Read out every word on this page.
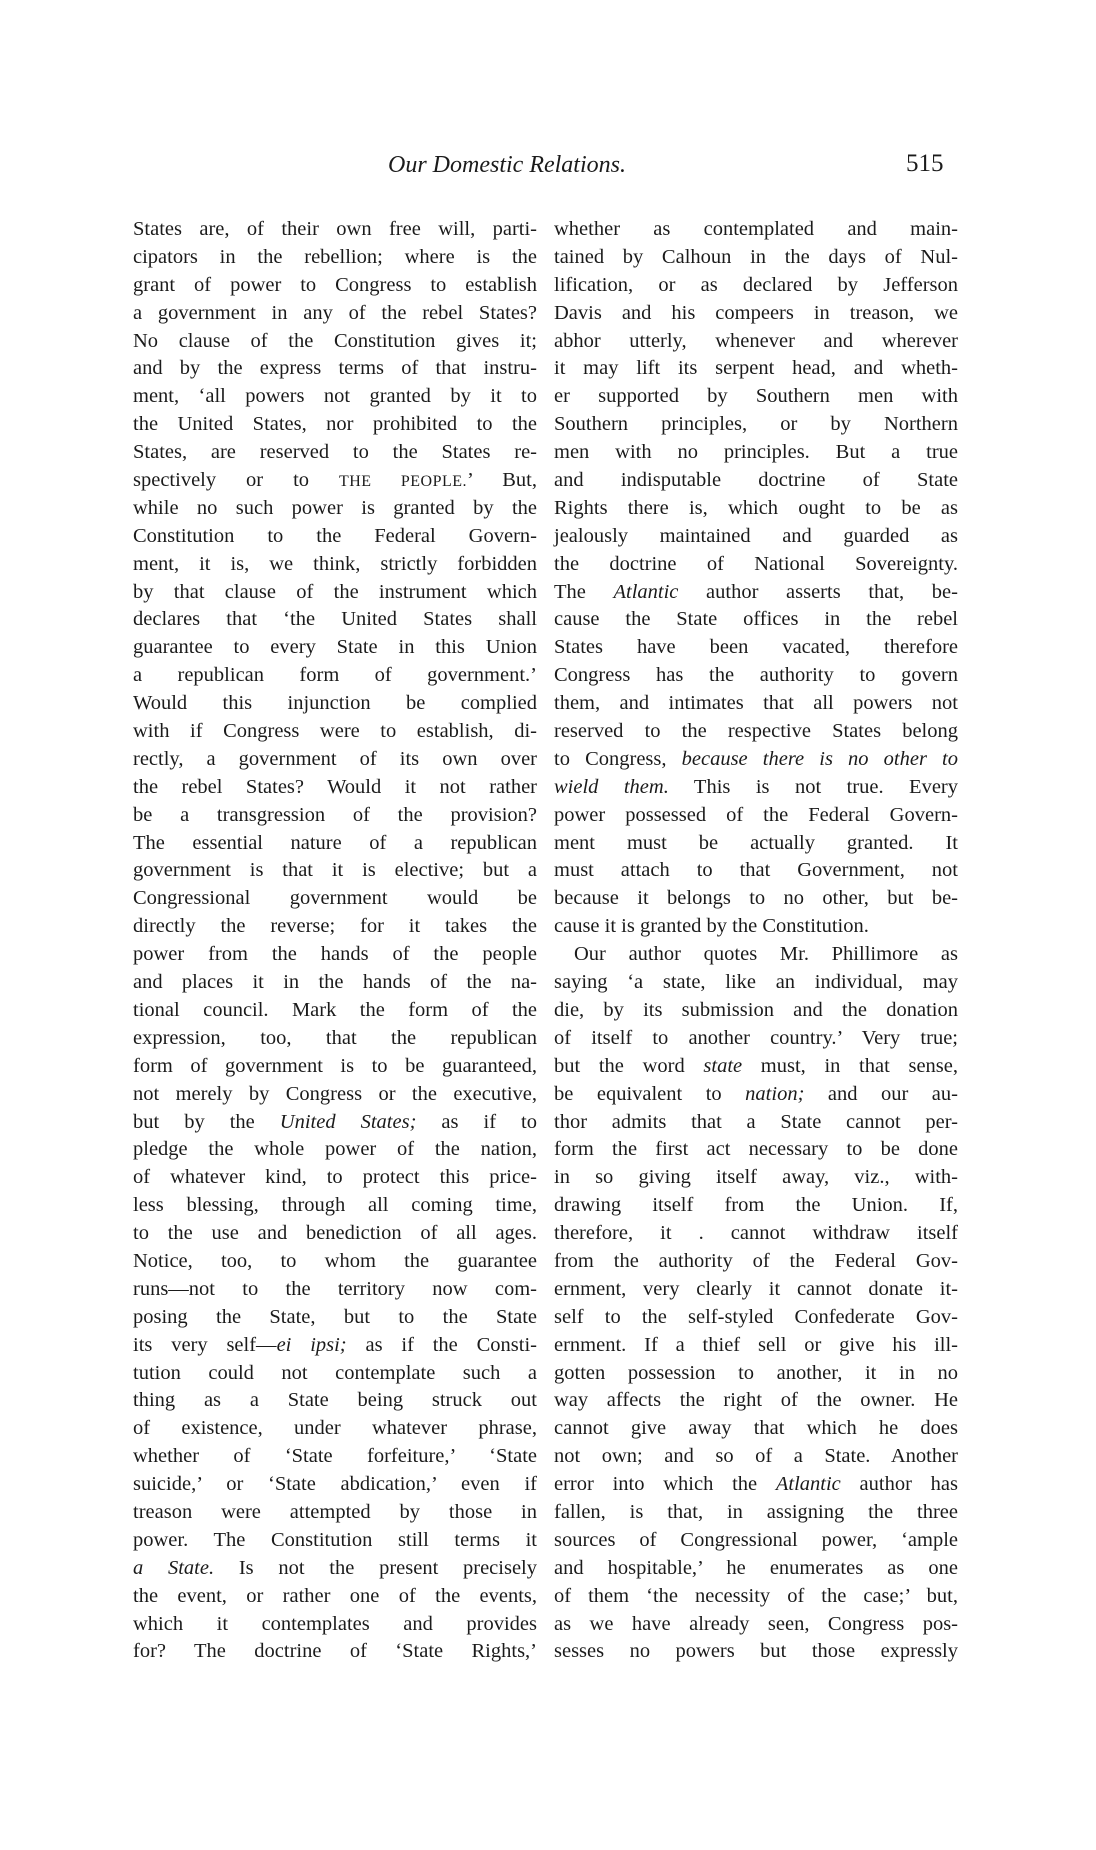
Our Domestic Relations.	515
States are, of their own free will, parti-
cipators in the rebellion; where is the
grant of power to Congress to establish
a government in any of the rebel States?
No clause of the Constitution gives it;
and by the express terms of that instru-
ment, ‘all powers not granted by it to
the United States, nor prohibited to the
States, are reserved to the States re-
spectively or to THE PEOPLE.’ But,
while no such power is granted by the
Constitution to the Federal Govern-
ment, it is, we think, strictly forbidden
by that clause of the instrument which
declares that ‘the United States shall
guarantee to every State in this Union
a republican form of government.’
Would this injunction be complied
with if Congress were to establish, di-
rectly, a government of its own over
the rebel States? Would it not rather
be a transgression of the provision?
The essential nature of a republican
government is that it is elective; but a
Congressional government would be
directly the reverse; for it takes the
power from the hands of the people
and places it in the hands of the na-
tional council. Mark the form of the
expression, too, that the republican
form of government is to be guaranteed,
not merely by Congress or the executive,
but by the United States; as if to
pledge the whole power of the nation,
of whatever kind, to protect this price-
less blessing, through all coming time,
to the use and benediction of all ages.
Notice, too, to whom the guarantee
runs—not to the territory now com-
posing the State, but to the State
its very self—ei ipsi; as if the Consti-
tution could not contemplate such a
thing as a State being struck out
of existence, under whatever phrase,
whether of ‘State forfeiture,’ ‘State
suicide,’ or ‘State abdication,’ even if
treason were attempted by those in
power. The Constitution still terms it
a State. Is not the present precisely
the event, or rather one of the events,
which it contemplates and provides
for? The doctrine of ‘State Rights,’
whether as contemplated and main-
tained by Calhoun in the days of Nul-
lification, or as declared by Jefferson
Davis and his compeers in treason, we
abhor utterly, whenever and wherever
it may lift its serpent head, and wheth-
er supported by Southern men with
Southern principles, or by Northern
men with no principles. But a true
and indisputable doctrine of State
Rights there is, which ought to be as
jealously maintained and guarded as
the doctrine of National Sovereignty.
The Atlantic author asserts that, be-
cause the State offices in the rebel
States have been vacated, therefore
Congress has the authority to govern
them, and intimates that all powers not
reserved to the respective States belong
to Congress, because there is no other to
wield them. This is not true. Every
power possessed of the Federal Govern-
ment must be actually granted. It
must attach to that Government, not
because it belongs to no other, but be-
cause it is granted by the Constitution.
Our author quotes Mr. Phillimore as
saying ‘a state, like an individual, may
die, by its submission and the donation
of itself to another country.’ Very true;
but the word state must, in that sense,
be equivalent to nation; and our au-
thor admits that a State cannot per-
form the first act necessary to be done
in so giving itself away, viz., with-
drawing itself from the Union. If,
therefore, it . cannot withdraw itself
from the authority of the Federal Gov-
ernment, very clearly it cannot donate it-
self to the self-styled Confederate Gov-
ernment. If a thief sell or give his ill-
gotten possession to another, it in no
way affects the right of the owner. He
cannot give away that which he does
not own; and so of a State. Another
error into which the Atlantic author has
fallen, is that, in assigning the three
sources of Congressional power, ‘ample
and hospitable,’ he enumerates as one
of them ‘the necessity of the case;’ but,
as we have already seen, Congress pos-
sesses no powers but those expressly
